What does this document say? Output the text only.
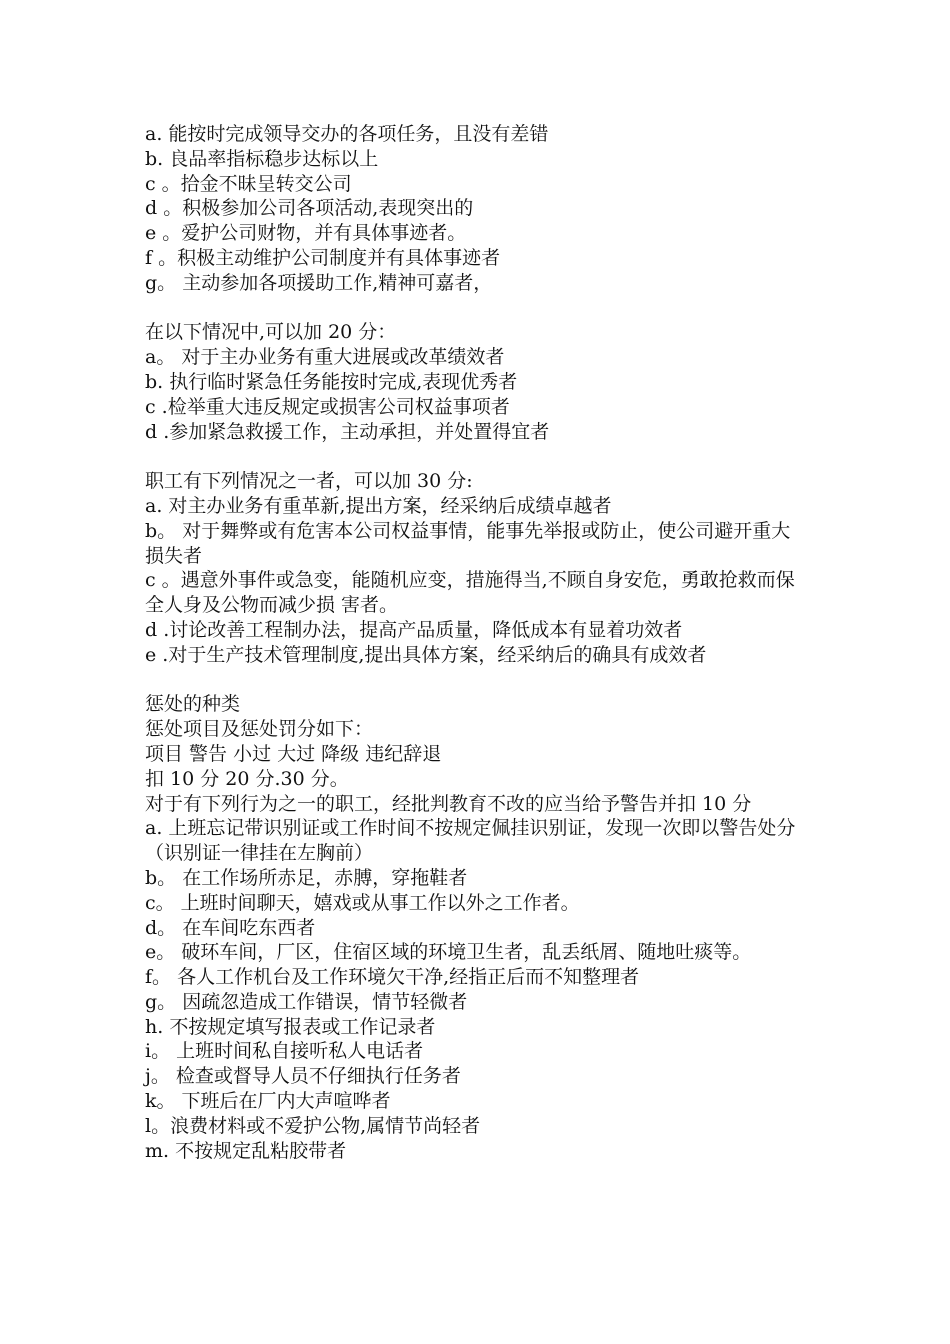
a. 能按时完成领导交办的各项任务，且没有差错
b. 良品率指标稳步达标以上
c 。拾金不昧呈转交公司
d 。积极参加公司各项活动,表现突出的
e 。爱护公司财物，并有具体事迹者。
f 。积极主动维护公司制度并有具体事迹者
g。 主动参加各项援助工作,精神可嘉者，
在以下情况中,可以加 20 分：
a。 对于主办业务有重大进展或改革绩效者
b. 执行临时紧急任务能按时完成,表现优秀者
c .检举重大违反规定或损害公司权益事项者
d .参加紧急救援工作，主动承担，并处置得宜者
职工有下列情况之一者，可以加 30 分:
a. 对主办业务有重革新,提出方案，经采纳后成绩卓越者
b。 对于舞弊或有危害本公司权益事情，能事先举报或防止，使公司避开重大损失者
c 。遇意外事件或急变，能随机应变，措施得当,不顾自身安危，勇敢抢救而保全人身及公物而减少损 害者。
d .讨论改善工程制办法，提高产品质量，降低成本有显着功效者
e .对于生产技术管理制度,提出具体方案，经采纳后的确具有成效者
惩处的种类
惩处项目及惩处罚分如下：
项目 警告 小过 大过 降级 违纪辞退
扣 10 分 20 分.30 分。
对于有下列行为之一的职工，经批判教育不改的应当给予警告并扣 10 分
a. 上班忘记带识别证或工作时间不按规定佩挂识别证，发现一次即以警告处分（识别证一律挂在左胸前）
b。 在工作场所赤足，赤膊，穿拖鞋者
c。 上班时间聊天，嬉戏或从事工作以外之工作者。
d。 在车间吃东西者
e。 破环车间，厂区，住宿区域的环境卫生者，乱丢纸屑、随地吐痰等。
f。 各人工作机台及工作环境欠干净,经指正后而不知整理者
g。 因疏忽造成工作错误，情节轻微者
h. 不按规定填写报表或工作记录者
i。 上班时间私自接听私人电话者
j。 检查或督导人员不仔细执行任务者
k。 下班后在厂内大声喧哗者
l。浪费材料或不爱护公物,属情节尚轻者
m. 不按规定乱粘胶带者
